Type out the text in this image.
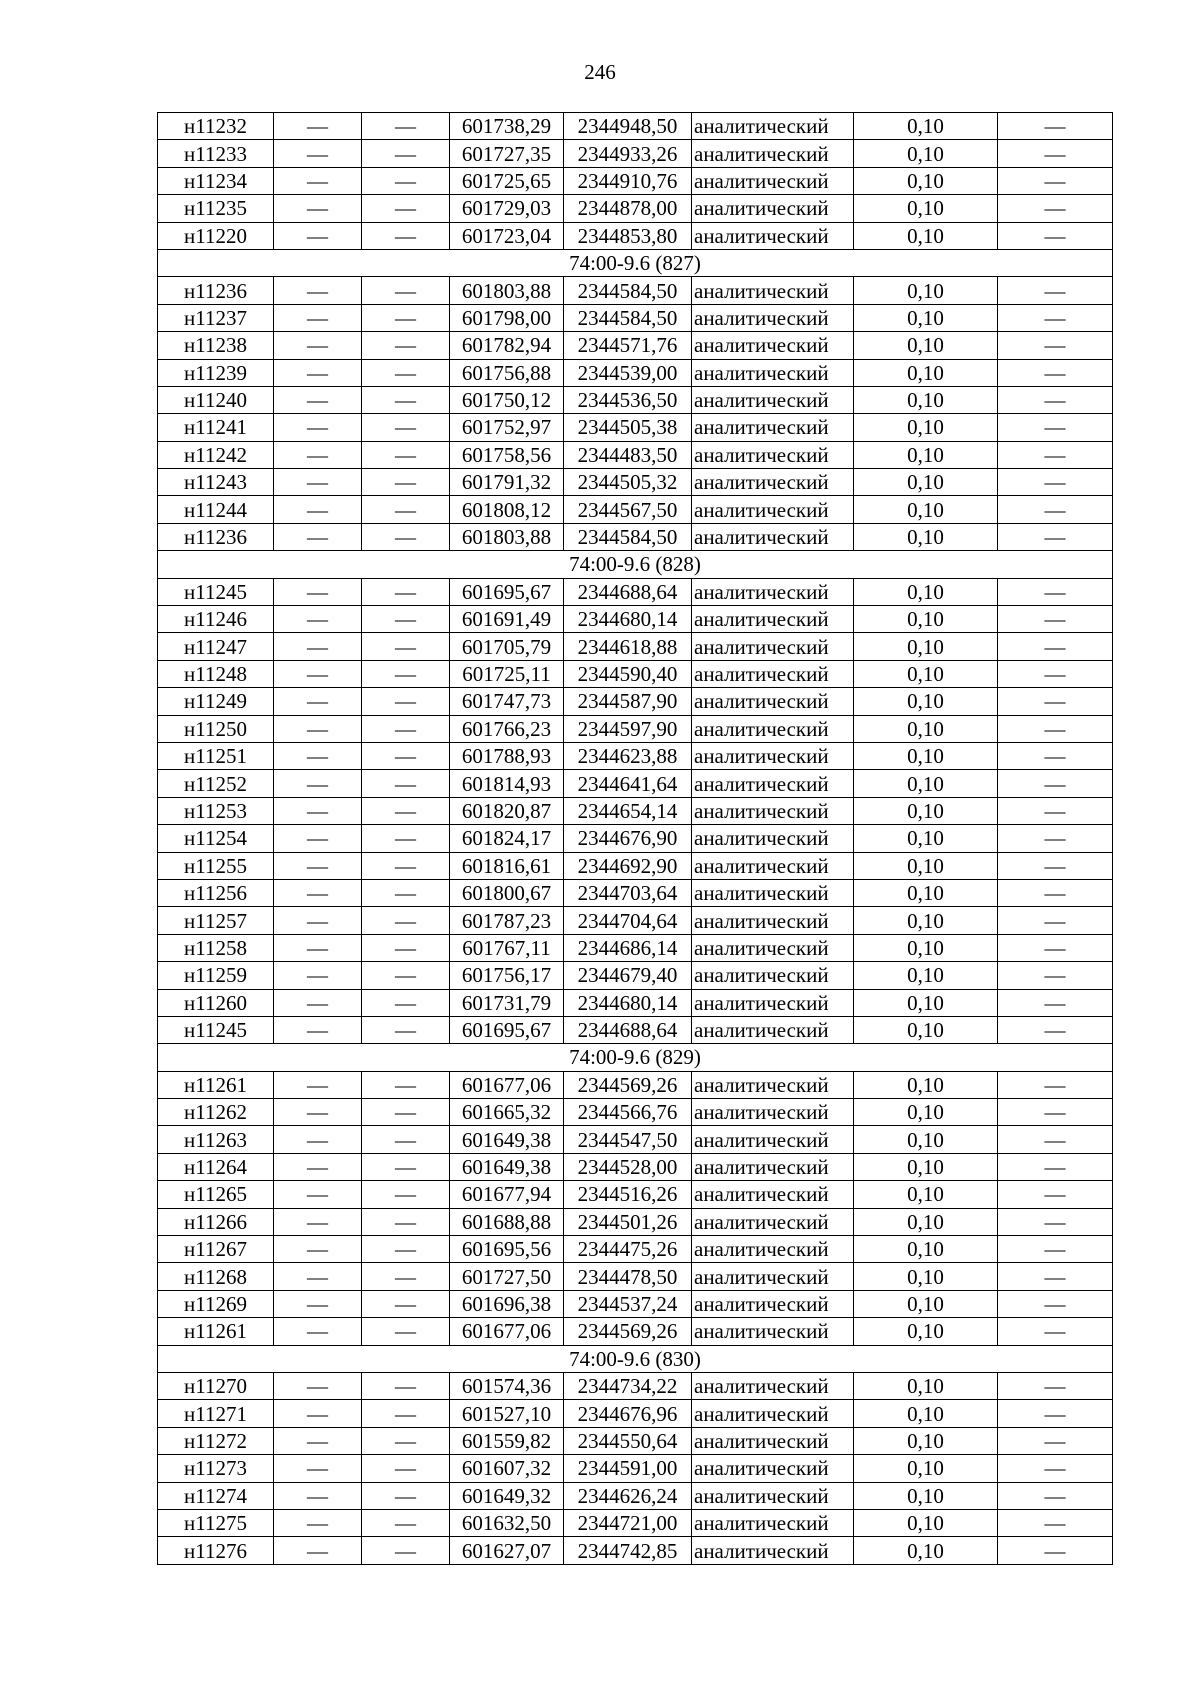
246
н11232	—	—	601738,29	2344948,50	аналитический	0,10	—
н11233	—	—	601727,35	2344933,26	аналитический	0,10	—
н11234	—	—	601725,65	2344910,76	аналитический	0,10	—
н11235	—	—	601729,03	2344878,00	аналитический	0,10	—
н11220	—	—	601723,04	2344853,80	аналитический	0,10	—
74:00-9.6 (827)							
н11236	—	—	601803,88	2344584,50	аналитический	0,10	—
н11237	—	—	601798,00	2344584,50	аналитический	0,10	—
н11238	—	—	601782,94	2344571,76	аналитический	0,10	—
н11239	—	—	601756,88	2344539,00	аналитический	0,10	—
н11240	—	—	601750,12	2344536,50	аналитический	0,10	—
н11241	—	—	601752,97	2344505,38	аналитический	0,10	—
н11242	—	—	601758,56	2344483,50	аналитический	0,10	—
н11243	—	—	601791,32	2344505,32	аналитический	0,10	—
н11244	—	—	601808,12	2344567,50	аналитический	0,10	—
н11236	—	—	601803,88	2344584,50	аналитический	0,10	—
74:00-9.6 (828)							
н11245	—	—	601695,67	2344688,64	аналитический	0,10	—
н11246	—	—	601691,49	2344680,14	аналитический	0,10	—
н11247	—	—	601705,79	2344618,88	аналитический	0,10	—
н11248	—	—	601725,11	2344590,40	аналитический	0,10	—
н11249	—	—	601747,73	2344587,90	аналитический	0,10	—
н11250	—	—	601766,23	2344597,90	аналитический	0,10	—
н11251	—	—	601788,93	2344623,88	аналитический	0,10	—
н11252	—	—	601814,93	2344641,64	аналитический	0,10	—
н11253	—	—	601820,87	2344654,14	аналитический	0,10	—
н11254	—	—	601824,17	2344676,90	аналитический	0,10	—
н11255	—	—	601816,61	2344692,90	аналитический	0,10	—
н11256	—	—	601800,67	2344703,64	аналитический	0,10	—
н11257	—	—	601787,23	2344704,64	аналитический	0,10	—
н11258	—	—	601767,11	2344686,14	аналитический	0,10	—
н11259	—	—	601756,17	2344679,40	аналитический	0,10	—
н11260	—	—	601731,79	2344680,14	аналитический	0,10	—
н11245	—	—	601695,67	2344688,64	аналитический	0,10	—
74:00-9.6 (829)							
н11261	—	—	601677,06	2344569,26	аналитический	0,10	—
н11262	—	—	601665,32	2344566,76	аналитический	0,10	—
н11263	—	—	601649,38	2344547,50	аналитический	0,10	—
н11264	—	—	601649,38	2344528,00	аналитический	0,10	—
н11265	—	—	601677,94	2344516,26	аналитический	0,10	—
н11266	—	—	601688,88	2344501,26	аналитический	0,10	—
н11267	—	—	601695,56	2344475,26	аналитический	0,10	—
н11268	—	—	601727,50	2344478,50	аналитический	0,10	—
н11269	—	—	601696,38	2344537,24	аналитический	0,10	—
н11261	—	—	601677,06	2344569,26	аналитический	0,10	—
74:00-9.6 (830)							
н11270	—	—	601574,36	2344734,22	аналитический	0,10	—
н11271	—	—	601527,10	2344676,96	аналитический	0,10	—
н11272	—	—	601559,82	2344550,64	аналитический	0,10	—
н11273	—	—	601607,32	2344591,00	аналитический	0,10	—
н11274	—	—	601649,32	2344626,24	аналитический	0,10	—
н11275	—	—	601632,50	2344721,00	аналитический	0,10	—
н11276	—	—	601627,07	2344742,85	аналитический	0,10	—
